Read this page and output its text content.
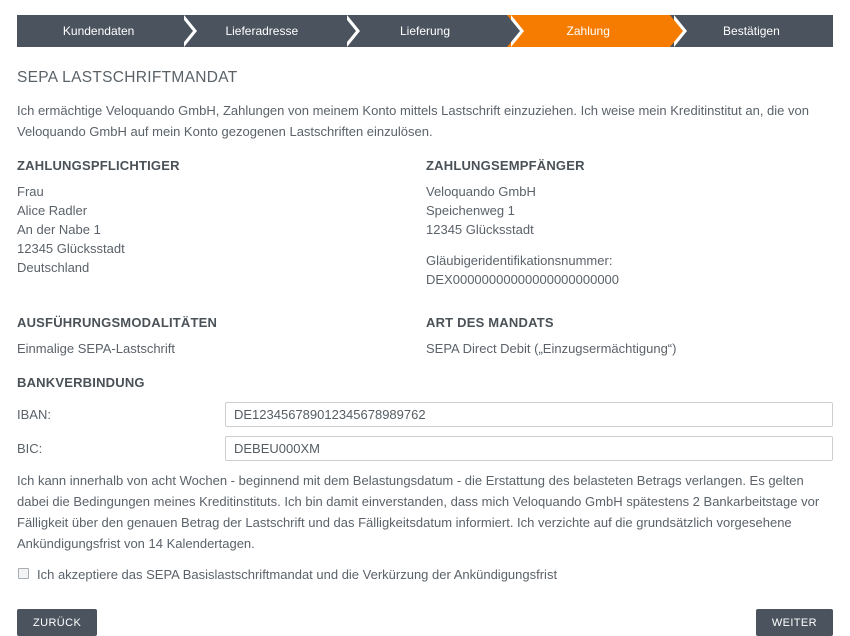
Kundendaten	Lieferadresse	Lieferung	Zahlung	Bestätigen
SEPA LASTSCHRIFTMANDAT

Ich ermächtige Veloquando GmbH, Zahlungen von meinem Konto mittels Lastschrift einzuziehen. Ich weise mein Kreditinstitut an, die von Veloquando GmbH auf mein Konto gezogenen Lastschriften einzulösen.

ZAHLUNGSPFLICHTIGER
Frau
Alice Radler
An der Nabe 1
12345 Glücksstadt
Deutschland
ZAHLUNGSEMPFÄNGER
Veloquando GmbH
Speichenweg 1
12345 Glücksstadt
Gläubigeridentifikationsnummer:
DEX00000000000000000000000
AUSFÜHRUNGSMODALITÄTEN
Einmalige SEPA-Lastschrift
ART DES MANDATS
SEPA Direct Debit („Einzugsermächtigung“)
BANKVERBINDUNG
IBAN:
DE123456789012345678989762
BIC:
DEBEU000XM

Ich kann innerhalb von acht Wochen - beginnend mit dem Belastungsdatum - die Erstattung des belasteten Betrags verlangen. Es gelten dabei die Bedingungen meines Kreditinstituts. Ich bin damit einverstanden, dass mich Veloquando GmbH spätestens 2 Bankarbeitstage vor Fälligkeit über den genauen Betrag der Lastschrift und das Fälligkeitsdatum informiert. Ich verzichte auf die grundsätzlich vorgesehene Ankündigungsfrist von 14 Kalendertagen.

Ich akzeptiere das SEPA Basislastschriftmandat und die Verkürzung der Ankündigungsfrist
ZURÜCK	WEITER
